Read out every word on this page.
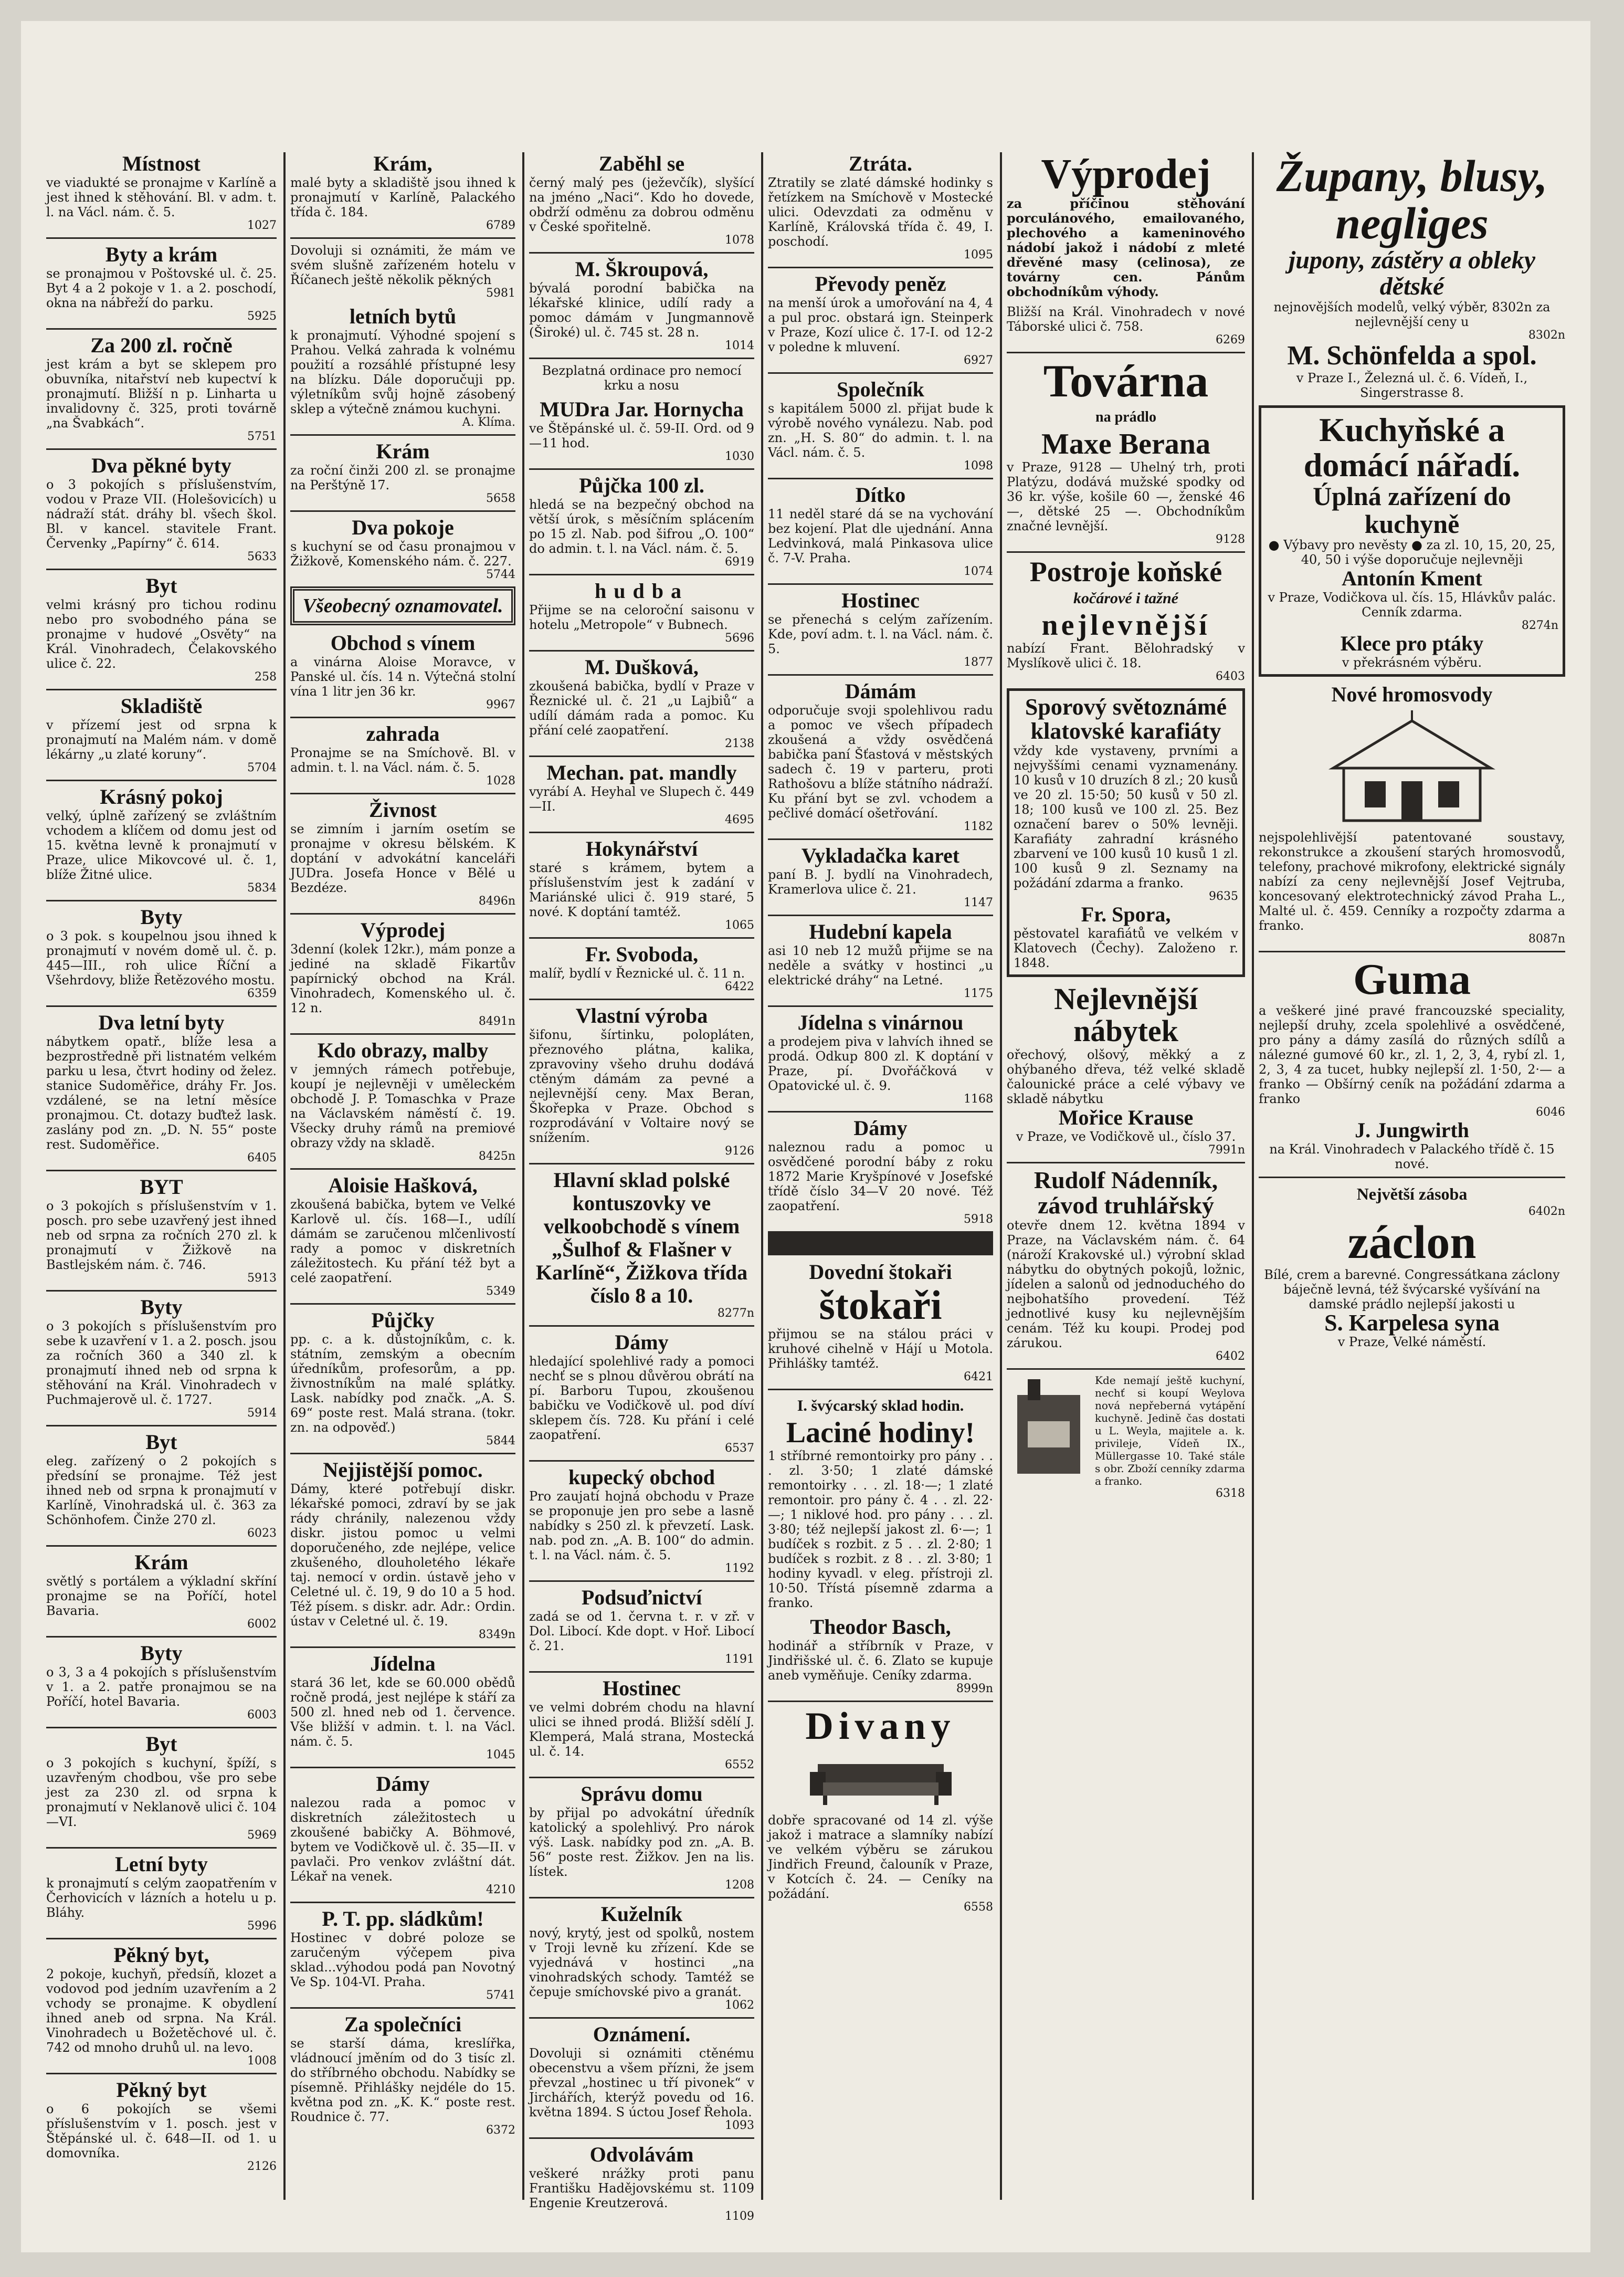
Místnost

ve viadukté se pronajme v Karlíně a jest ihned k stěhování. Bl. v adm. t. l. na Václ. nám. č. 5.

1027

Byty a krám

se pronajmou v Poštovské ul. č. 25. Byt 4 a 2 pokoje v 1. a 2. poschodí, okna na nábřeží do parku.

5925

Za 200 zl. ročně

jest krám a byt se sklepem pro obuvníka, nitařství neb kupectví k pronajmutí. Bližší n p. Linharta u invalidovny č. 325, proti továrně „na Švabkách“.

5751

Dva pěkné byty

o 3 pokojích s příslušenstvím, vodou v Praze VII. (Holešovicích) u nádraží stát. dráhy bl. všech škol. Bl. v kancel. stavitele Frant. Červenky „Papírny“ č. 614.

5633

Byt

velmi krásný pro tichou rodinu nebo pro svobodného pána se pronajme v hudové „Osvěty“ na Král. Vinohradech, Čelakovského ulice č. 22.

258

Skladiště

v přízemí jest od srpna k pronajmutí na Malém nám. v domě lékárny „u zlaté koruny“.

5704

Krásný pokoj

velký, úplně zařízený se zvláštním vchodem a klíčem od domu jest od 15. května levně k pronajmutí v Praze, ulice Mikovcové ul. č. 1, blíže Žitné ulice.

5834

Byty

o 3 pok. s koupelnou jsou ihned k pronajmutí v novém domě ul. č. p. 445—III., roh ulice Říční a Všehrdovy, bliže Řetězového mostu.

6359

Dva letní byty

nábytkem opatř., blíže lesa a bezprostředně při listnatém velkém parku u lesa, čtvrt hodiny od želez. stanice Sudoměřice, dráhy Fr. Jos. vzdálené, se na letní měsíce pronajmou. Ct. dotazy buďtež lask. zaslány pod zn. „D. N. 55“ poste rest. Sudoměřice.

6405

BYT

o 3 pokojích s příslušenstvím v 1. posch. pro sebe uzavřený jest ihned neb od srpna za ročních 270 zl. k pronajmutí v Žižkově na Bastlejském nám. č. 746.

5913

Byty

o 3 pokojích s příslušenstvím pro sebe k uzavření v 1. a 2. posch. jsou za ročních 360 a 340 zl. k pronajmutí ihned neb od srpna k stěhování na Král. Vinohradech v Puchmajerově ul. č. 1727.

5914

Byt

eleg. zařízený o 2 pokojích s předsíní se pronajme. Též jest ihned neb od srpna k pronajmutí v Karlíně, Vinohradská ul. č. 363 za Schönhofem. Činže 270 zl.

6023

Krám

světlý s portálem a výkladní skříní pronajme se na Poříčí, hotel Bavaria.

6002

Byty

o 3, 3 a 4 pokojích s příslušenstvím v 1. a 2. patře pronajmou se na Poříčí, hotel Bavaria.

6003

Byt

o 3 pokojích s kuchyní, špíží, s uzavřeným chodbou, vše pro sebe jest za 230 zl. od srpna k pronajmutí v Neklanově ulici č. 104—VI.

5969

Letní byty

k pronajmutí s celým zaopatřením v Čerhovicích v lázních a hotelu u p. Bláhy.

5996

Pěkný byt,

2 pokoje, kuchyň, předsíň, klozet a vodovod pod jedním uzavřením a 2 vchody se pronajme. K obydlení ihned aneb od srpna. Na Král. Vinohradech u Božetěchové ul. č. 742 od mnoho druhů ul. na levo.

1008

Pěkný byt

o 6 pokojích se všemi příslušenstvím v 1. posch. jest v Štěpánské ul. č. 648—II. od 1. u domovníka.

2126

Krám,

malé byty a skladiště jsou ihned k pronajmutí v Karlíně, Palackého třída č. 184.

6789

Dovoluji si oznámiti, že mám ve svém slušně zařízeném hotelu v Říčanech ještě několik pěkných

5981

letních bytů

k pronajmutí. Výhodné spojení s Prahou. Velká zahrada k volnému použití a rozsáhlé přístupné lesy na blízku. Dále doporučuji pp. výletníkům svůj hojně zásobený sklep a výtečně známou kuchyni.

A. Klíma.

Krám

za roční činži 200 zl. se pronajme na Perštýně 17.

5658

Dva pokoje

s kuchyní se od času pronajmou v Žižkově, Komenského nám. č. 227.

5744

Všeobecný oznamovatel.

Obchod s vínem

a vinárna Aloise Moravce, v Panské ul. čís. 14 n. Výtečná stolní vína 1 litr jen 36 kr.

9967

zahrada

Pronajme se na Smíchově. Bl. v admin. t. l. na Václ. nám. č. 5.

1028

Živnost

se zimním i jarním osetím se pronajme v okresu bělském. K doptání v advokátní kanceláři JUDra. Josefa Honce v Bělé u Bezdéze.

8496n

Výprodej

3denní (kolek 12kr.), mám ponze a jediné na skladě Fikartův papírnický obchod na Král. Vinohradech, Komenského ul. č. 12 n.

8491n

Kdo obrazy, malby

v jemných rámech potřebuje, koupí je nejlevněji v uměleckém obchodě J. P. Tomaschka v Praze na Václavském náměstí č. 19. Všecky druhy rámů na premiové obrazy vždy na skladě.

8425n

Aloisie Hašková,

zkoušená babička, bytem ve Velké Karlově ul. čís. 168—I., udílí dámám se zaručenou mlčenlivostí rady a pomoc v diskretních záležitostech. Ku přání též byt a celé zaopatření.

5349

Půjčky

pp. c. a k. důstojníkům, c. k. státním, zemským a obecním úředníkům, profesorům, a pp. živnostníkům na malé splátky. Lask. nabídky pod značk. „A. S. 69“ poste rest. Malá strana. (tokr. zn. na odpověď.)

5844

Nejjistější pomoc.

Dámy, které potřebují diskr. lékařské pomoci, zdraví by se jak rády chránily, nalezenou vždy diskr. jistou pomoc u velmi doporučeného, zde nejlépe, velice zkušeného, dlouholetého lékaře taj. nemocí v ordin. ústavě jeho v Celetné ul. č. 19, 9 do 10 a 5 hod. Též písem. s diskr. adr. Adr.: Ordin. ústav v Celetné ul. č. 19.

8349n

Jídelna

stará 36 let, kde se 60.000 obědů ročně prodá, jest nejlépe k stáří za 500 zl. hned neb od 1. července. Vše bližší v admin. t. l. na Václ. nám. č. 5.

1045

Dámy

nalezou rada a pomoc v diskretních záležitostech u zkoušené babičky A. Böhmové, bytem ve Vodičkově ul. č. 35—II. v pavlači. Pro venkov zvláštní dát. Lékař na venek.

4210

P. T. pp. sládkům!

Hostinec v dobré poloze se zaručeným výčepem piva sklad...výhodou podá pan Novotný Ve Sp. 104-VI. Praha.

5741

Za společníci

se starší dáma, kreslířka, vládnoucí jměním od do 3 tisíc zl. do stříbrného obchodu. Nabídky se písemně. Přihlášky nejdéle do 15. května pod zn. „K. K.“ poste rest. Roudnice č. 77.

6372

Zaběhl se

černý malý pes (ježevčík), slyšící na jméno „Naci“. Kdo ho dovede, obdrží odměnu za dobrou odměnu v České spořitelně.

1078

M. Škroupová,

bývalá porodní babička na lékařské klinice, udílí rady a pomoc dámám v Jungmannově (Široké) ul. č. 745 st. 28 n.

1014

Bezplatná ordinace pro nemocí krku a nosu

MUDra Jar. Hornycha

ve Štěpánské ul. č. 59-II. Ord. od 9—11 hod.

1030

Půjčka 100 zl.

hledá se na bezpečný obchod na větší úrok, s měsíčním splácením po 15 zl. Nab. pod šifrou „O. 100“ do admin. t. l. na Václ. nám. č. 5.

6919

hudba

Přijme se na celoroční saisonu v hotelu „Metropole“ v Bubnech.

5696

M. Dušková,

zkoušená babička, bydlí v Praze v Řeznické ul. č. 21 „u Lajbiů“ a udílí dámám rada a pomoc. Ku přání celé zaopatření.

2138

Mechan. pat. mandly

vyrábí A. Heyhal ve Slupech č. 449—II.

4695

Hokynářství

staré s krámem, bytem a příslušenstvím jest k zadání v Mariánské ulici č. 919 staré, 5 nové. K doptání tamtéž.

1065

Fr. Svoboda,

malíř, bydlí v Řeznické ul. č. 11 n.

6422

Vlastní výroba

šifonu, šírtinku, polopláten, přeznového plátna, kalika, zpravoviny všeho druhu dodává ctěným dámám za pevné a nejlevnější ceny. Max Beran, Škořepka v Praze. Obchod s rozprodávání v Voltaire nový se snížením.

9126

Hlavní sklad polské kontuszovky ve velkoobchodě s vínem „Šulhof & Flašner v Karlíně“, Žižkova třída číslo 8 a 10.

8277n

Dámy

hledající spolehlivé rady a pomoci nechť se s plnou důvěrou obrátí na pí. Barboru Tupou, zkoušenou babičku ve Vodičkově ul. pod díví sklepem čís. 728. Ku přání i celé zaopatření.

6537

kupecký obchod

Pro zaujatí hojná obchodu v Praze se proponuje jen pro sebe a lasně nabídky s 250 zl. k převzetí. Lask. nab. pod zn. „A. B. 100“ do admin. t. l. na Václ. nám. č. 5.

1192

Podsuďnictví

zadá se od 1. června t. r. v zř. v Dol. Libocí. Kde dopt. v Hoř. Libocí č. 21.

1191

Hostinec

ve velmi dobrém chodu na hlavní ulici se ihned prodá. Bližší sdělí J. Klemperá, Malá strana, Mostecká ul. č. 14.

6552

Správu domu

by přijal po advokátní úředník katolický a spolehlivý. Pro nárok výš. Lask. nabídky pod zn. „A. B. 56“ poste rest. Žižkov. Jen na lis. lístek.

1208

Kuželník

nový, krytý, jest od spolků, nostem v Troji levně ku zřízení. Kde se vyjednává v hostinci „na vinohradských schody. Tamtéž se čepuje smíchovské pivo a granát.

1062

Oznámení.

Dovoluji si oznámiti ctěnému obecenstvu a všem přízni, že jsem převzal „hostinec u tří pivonek“ v Jirchářích, kterýž povedu od 16. května 1894. S úctou Josef Řehola.

1093

Odvolávám

veškeré nrážky proti panu Františku Hadějovskému st. 1109 Engenie Kreutzerová.

1109

Ztráta.

Ztratily se zlaté dámské hodinky s řetízkem na Smíchově v Mostecké ulici. Odevzdati za odměnu v Karlíně, Královská třída č. 49, I. poschodí.

1095

Převody peněz

na menší úrok a umořování na 4, 4 a pul proc. obstará ign. Steinperk v Praze, Kozí ulice č. 17-I. od 12-2 v poledne k mluvení.

6927

Společník

s kapitálem 5000 zl. přijat bude k výrobě nového vynálezu. Nab. pod zn. „H. S. 80“ do admin. t. l. na Václ. nám. č. 5.

1098

Dítko

11 neděl staré dá se na vychování bez kojení. Plat dle ujednání. Anna Ledvinková, malá Pinkasova ulice č. 7-V. Praha.

1074

Hostinec

se přenechá s celým zařízením. Kde, poví adm. t. l. na Václ. nám. č. 5.

1877

Dámám

odporučuje svoji spolehlivou radu a pomoc ve všech případech zkoušená a vždy osvědčená babička paní Šťastová v městských sadech č. 19 v parteru, proti Rathošovu a blíže státního nádraží. Ku přání byt se zvl. vchodem a pečlivé domácí ošetřování.

1182

Vykladačka karet

paní B. J. bydlí na Vinohradech, Kramerlova ulice č. 21.

1147

Hudební kapela

asi 10 neb 12 mužů přijme se na neděle a svátky v hostinci „u elektrické dráhy“ na Letné.

1175

Jídelna s vinárnou

a prodejem piva v lahvích ihned se prodá. Odkup 800 zl. K doptání v Praze, pí. Dvořáčková v Opatovické ul. č. 9.

1168

Dámy

naleznou radu a pomoc u osvědčené porodní báby z roku 1872 Marie Kryšpínové v Josefské třídě číslo 34—V 20 nové. Též zaopatření.

5918

Dovední štokaři

štokaři

přijmou se na stálou práci v kruhové cihelně v Hájí u Motola. Přihlášky tamtéž.

6421

I. švýcarský sklad hodin.

Laciné hodiny!

1 stříbrné remontoirky pro pány . . . zl. 3·50; 1 zlaté dámské remontoirky . . . zl. 18·—; 1 zlaté remontoir. pro pány č. 4 . . zl. 22·—; 1 niklové hod. pro pány . . . zl. 3·80; též nejlepší jakost zl. 6·—; 1 budíček s rozbit. z 5 . . zl. 2·80; 1 budíček s rozbit. z 8 . . zl. 3·80; 1 hodiny kyvadl. v eleg. přístroji zl. 10·50. Třístá písemně zdarma a franko.

Theodor Basch,

hodinář a stříbrník v Praze, v Jindřišské ul. č. 6. Zlato se kupuje aneb vyměňuje. Ceníky zdarma.

8999n

Divany

dobře spracované od 14 zl. výše jakož i matrace a slamníky nabízí ve velkém výběru se zárukou Jindřich Freund, čalouník v Praze, v Kotcích č. 24. — Ceníky na požádání.

6558

Výprodej

za příčinou stěhování porculánového, emailovaného, plechového a kameninového nádobí jakož i nádobí z mleté dřevěné masy (celinosa), ze továrny cen. Pánům obchodníkům výhody.

Bližší na Král. Vinohradech v nové Táborské ulici č. 758.

6269

Továrna

na prádlo

Maxe Berana

v Praze, 9128 — Uhelný trh, proti Platýzu, dodává mužské spodky od 36 kr. výše, košile 60 —, ženské 46 —, dětské 25 —. Obchodníkům značné levnější.

9128

Postroje koňské

kočárové i tažné

nejlevnější

nabízí Frant. Bělohradský v Myslíkově ulici č. 18.

6403

Sporový světoznámé klatovské karafiáty

vždy kde vystaveny, prvními a nejvyššími cenami vyznamenány. 10 kusů v 10 druzích 8 zl.; 20 kusů ve 20 zl. 15·50; 50 kusů v 50 zl. 18; 100 kusů ve 100 zl. 25. Bez označení barev o 50% levněji. Karafiáty zahradní krásného zbarvení ve 100 kusů 10 kusů 1 zl. 100 kusů 9 zl. Seznamy na požádání zdarma a franko.

9635

Fr. Spora,

pěstovatel karafiátů ve velkém v Klatovech (Čechy). Založeno r. 1848.

Nejlevnější nábytek

ořechový, olšový, měkký a z ohýbaného dřeva, též velké skladě čalounické práce a celé výbavy ve skladě nábytku

Mořice Krause

v Praze, ve Vodičkově ul., číslo 37.

7991n

Rudolf Nádenník, závod truhlářský

otevře dnem 12. května 1894 v Praze, na Václavském nám. č. 64 (nároží Krakovské ul.) výrobní sklad nábytku do obytných pokojů, ložnic, jídelen a salonů od jednoduchého do nejbohatšího provedení. Též jednotlivé kusy ku nejlevnějším cenám. Též ku koupi. Prodej pod zárukou.

6402

Kde nemají ještě kuchyní, nechť si koupí Weylova nová nepřeberná vytápění kuchyně. Jedině čas dostati u L. Weyla, majitele a. k. privileje, Vídeň IX., Müllergasse 10. Také stále s obr. Zboží cenníky zdarma a franko.

6318

Župany, blusy, negliges

jupony, zástěry a obleky dětské

nejnovějších modelů, velký výběr, 8302n za nejlevnější ceny u

8302n

M. Schönfelda a spol.

v Praze I., Železná ul. č. 6. Vídeň, I., Singerstrasse 8.

Kuchyňské a domácí nářadí.

Úplná zařízení do kuchyně

● Výbavy pro nevěsty ● za zl. 10, 15, 20, 25, 40, 50 i výše doporučuje nejlevněji

Antonín Kment

v Praze, Vodičkova ul. čís. 15, Hlávkův palác. Cenník zdarma.

8274n

Klece pro ptáky

v překrásném výběru.

Nové hromosvody

nejspolehlivější patentované soustavy, rekonstrukce a zkoušení starých hromosvodů, telefony, prachové mikrofony, elektrické signály nabízí za ceny nejlevnější Josef Vejtruba, koncesovaný elektrotechnický závod Praha L., Malté ul. č. 459. Cenníky a rozpočty zdarma a franko.

8087n

Guma

a veškeré jiné pravé francouzské speciality, nejlepší druhy, zcela spolehlivé a osvědčené, pro pány a dámy zasílá do různých sdílů a nálezné gumové 60 kr., zl. 1, 2, 3, 4, rybí zl. 1, 2, 3, 4 za tucet, hubky nejlepší zl. 1·50, 2·— a franko — Obšírný ceník na požádání zdarma a franko

6046

J. Jungwirth

na Král. Vinohradech v Palackého třídě č. 15 nové.

Největší zásoba

6402n

záclon

Bílé, crem a barevné. Congressátkana záclony báječně levná, též švýcarské vyšívání na damské prádlo nejlepší jakosti u

S. Karpelesa syna

v Praze, Velké náměstí.
